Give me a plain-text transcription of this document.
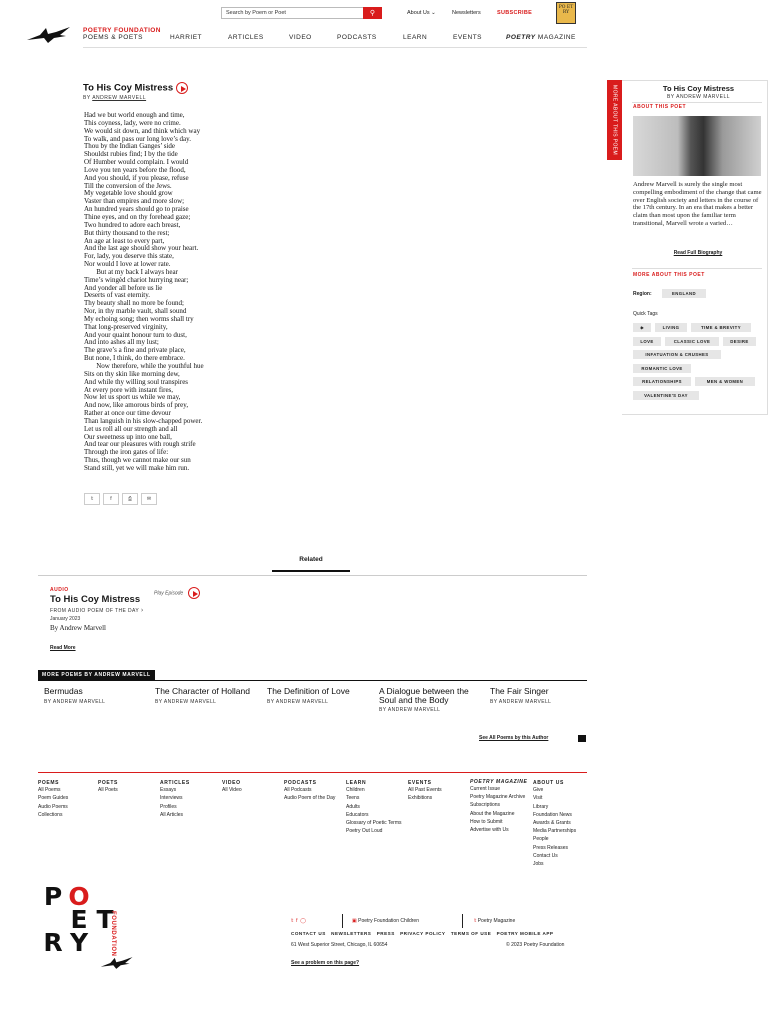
Search by Poem or Poet	⚲	About Us ⌄	Newsletters	SUBSCRIBE
PO ET RY
POETRY FOUNDATION
POEMS & POETS	HARRIET	ARTICLES	VIDEO	PODCASTS	LEARN	EVENTS	POETRY MAGAZINE
To His Coy Mistress
BY ANDREW MARVELL
Had we but world enough and time,
This coyness, lady, were no crime.
We would sit down, and think which way
To walk, and pass our long love’s day.
Thou by the Indian Ganges’ side
Shouldst rubies find; I by the tide
Of Humber would complain. I would
Love you ten years before the flood,
And you should, if you please, refuse
Till the conversion of the Jews.
My vegetable love should grow
Vaster than empires and more slow;
An hundred years should go to praise
Thine eyes, and on thy forehead gaze;
Two hundred to adore each breast,
But thirty thousand to the rest;
An age at least to every part,
And the last age should show your heart.
For, lady, you deserve this state,
Nor would I love at lower rate.
But at my back I always hear
Time’s wingèd chariot hurrying near;
And yonder all before us lie
Deserts of vast eternity.
Thy beauty shall no more be found;
Nor, in thy marble vault, shall sound
My echoing song; then worms shall try
That long-preserved virginity,
And your quaint honour turn to dust,
And into ashes all my lust;
The grave’s a fine and private place,
But none, I think, do there embrace.
Now therefore, while the youthful hue
Sits on thy skin like morning dew,
And while thy willing soul transpires
At every pore with instant fires,
Now let us sport us while we may,
And now, like amorous birds of prey,
Rather at once our time devour
Than languish in his slow-chapped power.
Let us roll all our strength and all
Our sweetness up into one ball,
And tear our pleasures with rough strife
Through the iron gates of life:
Thus, though we cannot make our sun
Stand still, yet we will make him run.
𝕥	f	⎙	✉
MORE ABOUT THIS POEM	To His Coy Mistress
BY ANDREW MARVELL
ABOUT THIS POET
Andrew Marvell is surely the single most compelling embodiment of the change that came over English society and letters in the course of the 17th century. In an era that makes a better claim than most upon the familiar term transitional, Marvell wrote a varied…
Read Full Biography
MORE ABOUT THIS POET
Region:	ENGLAND
Quick Tags
🕪	LIVING	TIME & BREVITY
LOVE	CLASSIC LOVE	DESIRE
INFATUATION & CRUSHES
ROMANTIC LOVE
RELATIONSHIPS	MEN & WOMEN
VALENTINE'S DAY
Related
AUDIO
Play Episode
To His Coy Mistress
FROM AUDIO POEM OF THE DAY ›
January 2023
By Andrew Marvell
Read More
MORE POEMS BY ANDREW MARVELL
Bermudas
BY ANDREW MARVELL
The Character of Holland
BY ANDREW MARVELL
The Definition of Love
BY ANDREW MARVELL
A Dialogue between the Soul and the Body
BY ANDREW MARVELL
The Fair Singer
BY ANDREW MARVELL
See All Poems by this Author
POEMS
All Poems
Poem Guides
Audio Poems
Collections
POETS
All Poets
ARTICLES
Essays
Interviews
Profiles
All Articles
VIDEO
All Video
PODCASTS
All Podcasts
Audio Poem of the Day
LEARN
Children
Teens
Adults
Educators
Glossary of Poetic Terms
Poetry Out Loud
EVENTS
All Past Events
Exhibitions
POETRY MAGAZINE
Current Issue
Poetry Magazine Archive
Subscriptions
About the Magazine
How to Submit
Advertise with Us
ABOUT US
Give
Visit
Library
Foundation News
Awards & Grants
Media Partnerships
People
Press Releases
Contact Us
Jobs
P O
E T
R Y	FOUNDATION	𝕥 f ◯	▣ Poetry Foundation Children	𝕥 Poetry Magazine
CONTACT US NEWSLETTERS PRESS PRIVACY POLICY TERMS OF USE POETRY MOBILE APP
61 West Superior Street, Chicago, IL 60654	© 2023 Poetry Foundation
See a problem on this page?
